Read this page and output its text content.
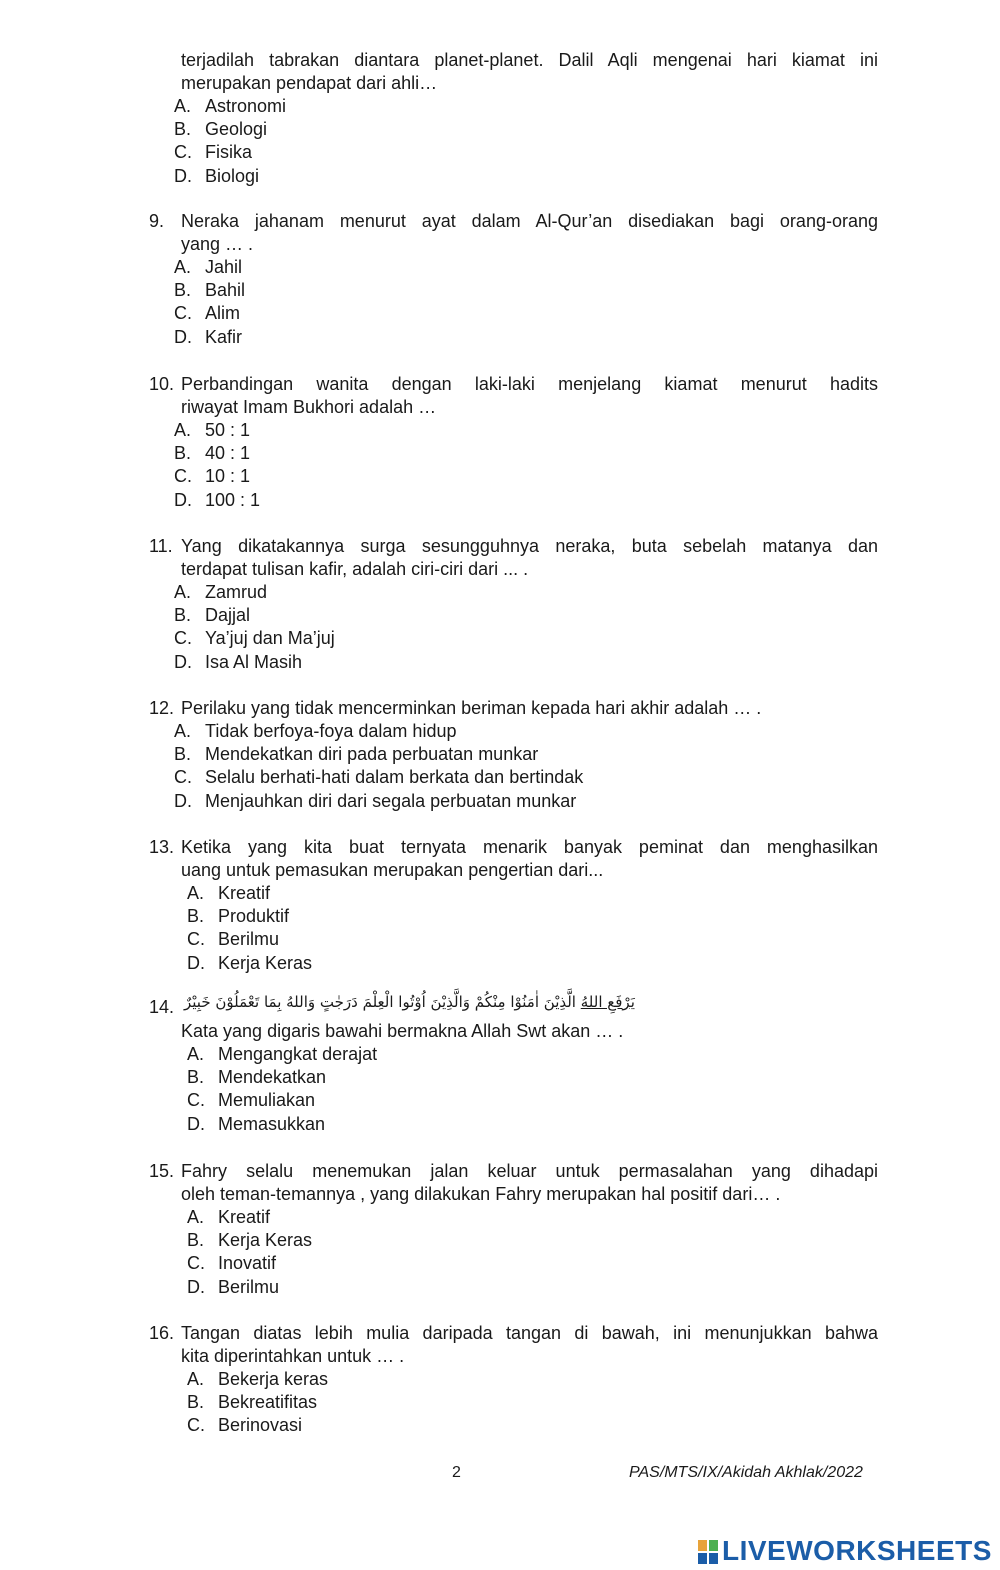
terjadilah tabrakan diantara planet-planet. Dalil Aqli mengenai hari kiamat ini
merupakan pendapat dari ahli…
A. Astronomi
B. Geologi
C. Fisika
D. Biologi
9. Neraka jahanam menurut ayat dalam Al-Qur’an disediakan bagi orang-orang
yang … .
A. Jahil
B. Bahil
C. Alim
D. Kafir
10. Perbandingan wanita dengan laki-laki menjelang kiamat menurut hadits
riwayat Imam Bukhori adalah …
A. 50 : 1
B. 40 : 1
C. 10 : 1
D. 100 : 1
11. Yang dikatakannya surga sesungguhnya neraka, buta sebelah matanya dan
terdapat tulisan kafir, adalah ciri-ciri dari ... .
A. Zamrud
B. Dajjal
C. Ya’juj dan Ma’juj
D. Isa Al Masih
12. Perilaku yang tidak mencerminkan beriman kepada hari akhir adalah … .
A. Tidak berfoya-foya dalam hidup
B. Mendekatkan diri pada perbuatan munkar
C. Selalu berhati-hati dalam berkata dan bertindak
D. Menjauhkan diri dari segala perbuatan munkar
13. Ketika yang kita buat ternyata menarik banyak peminat dan menghasilkan
uang untuk pemasukan merupakan pengertian dari...
A. Kreatif
B. Produktif
C. Berilmu
D. Kerja Keras
14.
Kata yang digaris bawahi bermakna Allah Swt akan … .
A. Mengangkat derajat
B. Mendekatkan
C. Memuliakan
D. Memasukkan
15. Fahry selalu menemukan jalan keluar untuk permasalahan yang dihadapi
oleh teman-temannya , yang dilakukan Fahry merupakan hal positif dari… .
A. Kreatif
B. Kerja Keras
C. Inovatif
D. Berilmu
16. Tangan diatas lebih mulia daripada tangan di bawah, ini menunjukkan bahwa
kita diperintahkan untuk … .
A. Bekerja keras
B. Bekreatifitas
C. Berinovasi
يَرْفَعِ اللهُ الَّذِيْنَ اٰمَنُوْا مِنْكُمْ وَالَّذِيْنَ اُوْتُوا الْعِلْمَ دَرَجٰتٍ وَاللهُ بِمَا تَعْمَلُوْنَ خَبِيْرٌ
2	PAS/MTS/IX/Akidah Akhlak/2022
LIVEWORKSHEETS
